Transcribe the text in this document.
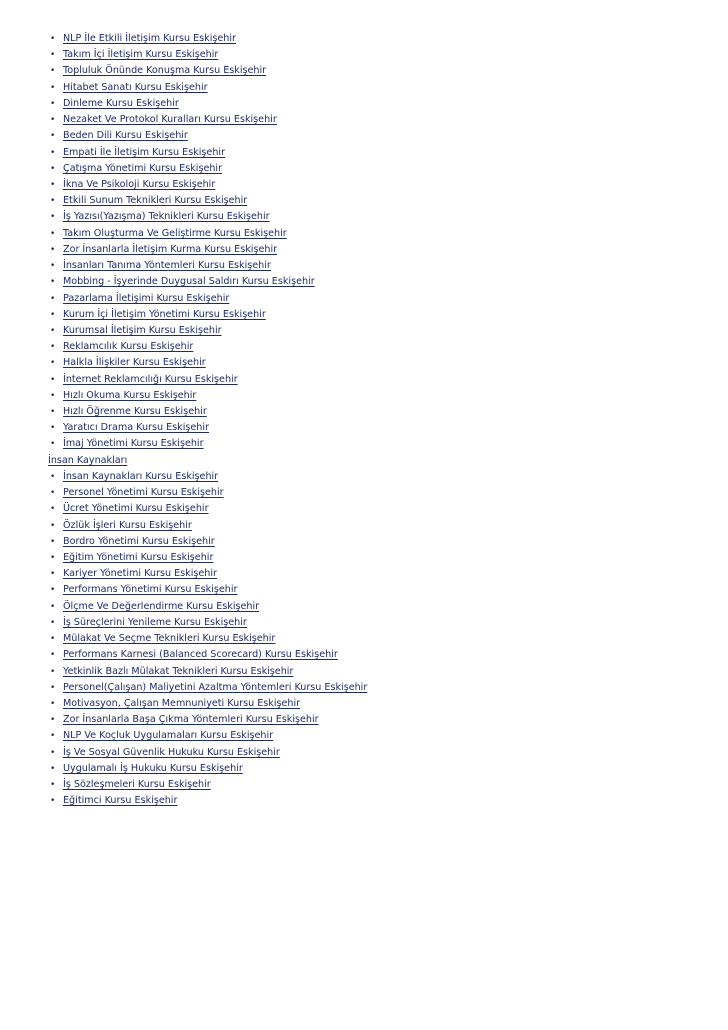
• NLP İle Etkili İletişim Kursu Eskişehir
• Takım İçi İletişim Kursu Eskişehir
• Topluluk Önünde Konuşma Kursu Eskişehir
• Hitabet Sanatı Kursu Eskişehir
• Dinleme Kursu Eskişehir
• Nezaket Ve Protokol Kuralları Kursu Eskişehir
• Beden Dili Kursu Eskişehir
• Empati İle İletişim Kursu Eskişehir
• Çatışma Yönetimi Kursu Eskişehir
• İkna Ve Psikoloji Kursu Eskişehir
• Etkili Sunum Teknikleri Kursu Eskişehir
• İş Yazısı(Yazışma) Teknikleri Kursu Eskişehir
• Takım Oluşturma Ve Geliştirme Kursu Eskişehir
• Zor İnsanlarla İletişim Kurma Kursu Eskişehir
• İnsanları Tanıma Yöntemleri Kursu Eskişehir
• Mobbing - İşyerinde Duygusal Saldırı Kursu Eskişehir
• Pazarlama İletişimi Kursu Eskişehir
• Kurum İçi İletişim Yönetimi Kursu Eskişehir
• Kurumsal İletişim Kursu Eskişehir
• Reklamcılık Kursu Eskişehir
• Halkla İlişkiler Kursu Eskişehir
• İnternet Reklamcılığı Kursu Eskişehir
• Hızlı Okuma Kursu Eskişehir
• Hızlı Öğrenme Kursu Eskişehir
• Yaratıcı Drama Kursu Eskişehir
• İmaj Yönetimi Kursu Eskişehir
İnsan Kaynakları
• İnsan Kaynakları Kursu Eskişehir
• Personel Yönetimi Kursu Eskişehir
• Ücret Yönetimi Kursu Eskişehir
• Özlük İşleri Kursu Eskişehir
• Bordro Yönetimi Kursu Eskişehir
• Eğitim Yönetimi Kursu Eskişehir
• Kariyer Yönetimi Kursu Eskişehir
• Performans Yönetimi Kursu Eskişehir
• Ölçme Ve Değerlendirme Kursu Eskişehir
• İş Süreçlerini Yenileme Kursu Eskişehir
• Mülakat Ve Seçme Teknikleri Kursu Eskişehir
• Performans Karnesi (Balanced Scorecard) Kursu Eskişehir
• Yetkinlik Bazlı Mülakat Teknikleri Kursu Eskişehir
• Personel(Çalışan) Maliyetini Azaltma Yöntemleri Kursu Eskişehir
• Motivasyon, Çalışan Memnuniyeti Kursu Eskişehir
• Zor İnsanlarla Başa Çıkma Yöntemleri Kursu Eskişehir
• NLP Ve Koçluk Uygulamaları Kursu Eskişehir
• İş Ve Sosyal Güvenlik Hukuku Kursu Eskişehir
• Uygulamalı İş Hukuku Kursu Eskişehir
• İş Sözleşmeleri Kursu Eskişehir
• Eğitimci Kursu Eskişehir
